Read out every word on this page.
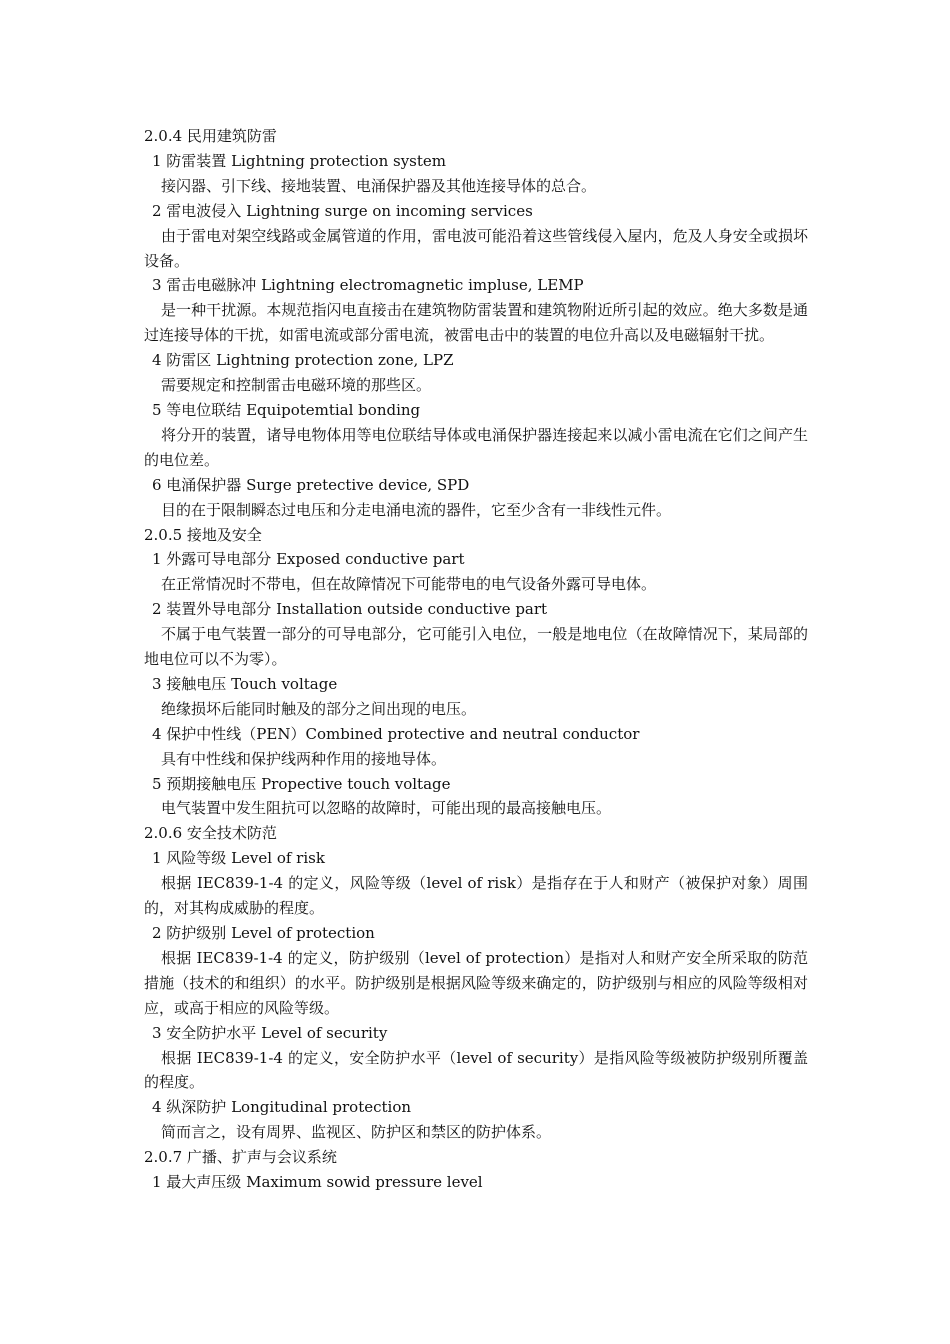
2.0.4 民用建筑防雷
1 防雷装置 Lightning protection system
接闪器、引下线、接地装置、电涌保护器及其他连接导体的总合。
2 雷电波侵入 Lightning surge on incoming services
由于雷电对架空线路或金属管道的作用，雷电波可能沿着这些管线侵入屋内，危及人身安全或损坏设备。
3 雷击电磁脉冲 Lightning electromagnetic impluse, LEMP
是一种干扰源。本规范指闪电直接击在建筑物防雷装置和建筑物附近所引起的效应。绝大多数是通过连接导体的干扰，如雷电流或部分雷电流，被雷电击中的装置的电位升高以及电磁辐射干扰。
4 防雷区 Lightning protection zone, LPZ
需要规定和控制雷击电磁环境的那些区。
5 等电位联结 Equipotemtial bonding
将分开的装置，诸导电物体用等电位联结导体或电涌保护器连接起来以减小雷电流在它们之间产生的电位差。
6 电涌保护器 Surge pretective device, SPD
目的在于限制瞬态过电压和分走电涌电流的器件，它至少含有一非线性元件。
2.0.5 接地及安全
1 外露可导电部分 Exposed conductive part
在正常情况时不带电，但在故障情况下可能带电的电气设备外露可导电体。
2 装置外导电部分 Installation outside conductive part
不属于电气装置一部分的可导电部分，它可能引入电位，一般是地电位（在故障情况下，某局部的地电位可以不为零）。
3 接触电压 Touch voltage
绝缘损坏后能同时触及的部分之间出现的电压。
4 保护中性线（PEN）Combined protective and neutral conductor
具有中性线和保护线两种作用的接地导体。
5 预期接触电压 Propective touch voltage
电气装置中发生阻抗可以忽略的故障时，可能出现的最高接触电压。
2.0.6 安全技术防范
1 风险等级 Level of risk
根据 IEC839-1-4 的定义，风险等级（level of risk）是指存在于人和财产（被保护对象）周围的，对其构成威胁的程度。
2 防护级别 Level of protection
根据 IEC839-1-4 的定义，防护级别（level of protection）是指对人和财产安全所采取的防范措施（技术的和组织）的水平。防护级别是根据风险等级来确定的，防护级别与相应的风险等级相对应，或高于相应的风险等级。
3 安全防护水平 Level of security
根据 IEC839-1-4 的定义，安全防护水平（level of security）是指风险等级被防护级别所覆盖的程度。
4 纵深防护 Longitudinal protection
简而言之，设有周界、监视区、防护区和禁区的防护体系。
2.0.7 广播、扩声与会议系统
1 最大声压级 Maximum sowid pressure level
